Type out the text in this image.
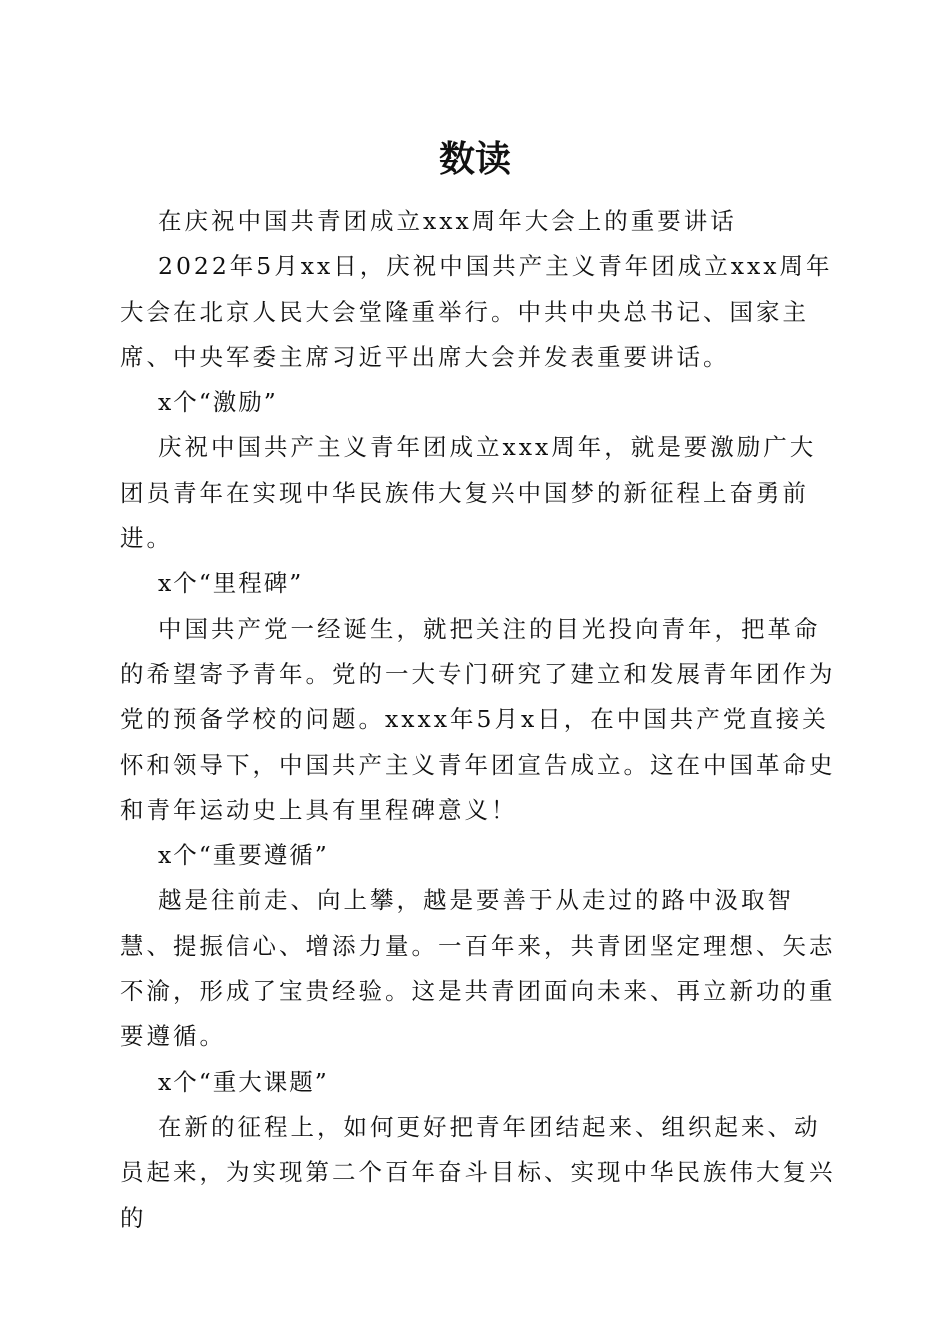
数读

在庆祝中国共青团成立xxx周年大会上的重要讲话

2022年5月xx日，庆祝中国共产主义青年团成立xxx周年大会在北京人民大会堂隆重举行。中共中央总书记、国家主席、中央军委主席习近平出席大会并发表重要讲话。

x个“激励”

庆祝中国共产主义青年团成立xxx周年，就是要激励广大团员青年在实现中华民族伟大复兴中国梦的新征程上奋勇前进。

x个“里程碑”

中国共产党一经诞生，就把关注的目光投向青年，把革命的希望寄予青年。党的一大专门研究了建立和发展青年团作为党的预备学校的问题。xxxx年5月x日，在中国共产党直接关怀和领导下，中国共产主义青年团宣告成立。这在中国革命史和青年运动史上具有里程碑意义！

x个“重要遵循”

越是往前走、向上攀，越是要善于从走过的路中汲取智慧、提振信心、增添力量。一百年来，共青团坚定理想、矢志不渝，形成了宝贵经验。这是共青团面向未来、再立新功的重要遵循。

x个“重大课题”

在新的征程上，如何更好把青年团结起来、组织起来、动员起来，为实现第二个百年奋斗目标、实现中华民族伟大复兴的
